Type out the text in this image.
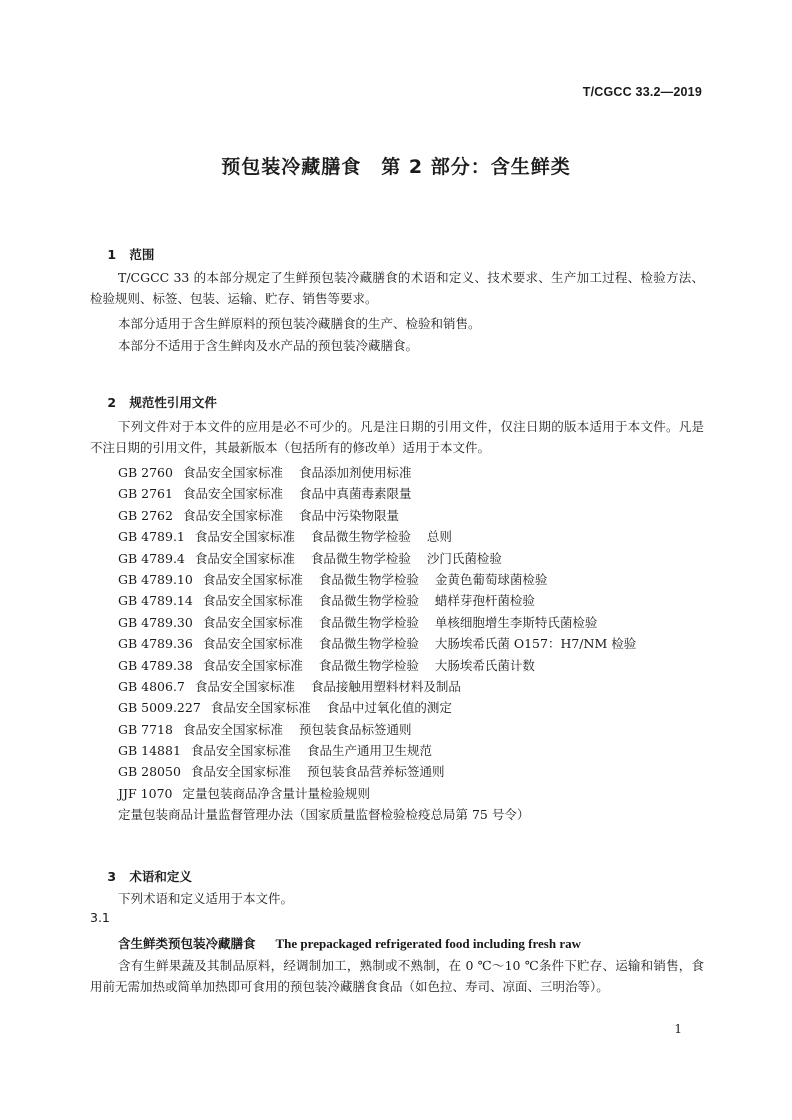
T/CGCC 33.2—2019
预包装冷藏膳食　第 2 部分：含生鲜类

1 范围

T/CGCC 33 的本部分规定了生鲜预包装冷藏膳食的术语和定义、技术要求、生产加工过程、检验方法、检验规则、标签、包装、运输、贮存、销售等要求。
本部分适用于含生鲜原料的预包装冷藏膳食的生产、检验和销售。
本部分不适用于含生鲜肉及水产品的预包装冷藏膳食。

2 规范性引用文件

下列文件对于本文件的应用是必不可少的。凡是注日期的引用文件，仅注日期的版本适用于本文件。凡是不注日期的引用文件，其最新版本（包括所有的修改单）适用于本文件。
GB 2760 食品安全国家标准 食品添加剂使用标准
GB 2761 食品安全国家标准 食品中真菌毒素限量
GB 2762 食品安全国家标准 食品中污染物限量
GB 4789.1 食品安全国家标准 食品微生物学检验 总则
GB 4789.4 食品安全国家标准 食品微生物学检验 沙门氏菌检验
GB 4789.10 食品安全国家标准 食品微生物学检验 金黄色葡萄球菌检验
GB 4789.14 食品安全国家标准 食品微生物学检验 蜡样芽孢杆菌检验
GB 4789.30 食品安全国家标准 食品微生物学检验 单核细胞增生李斯特氏菌检验
GB 4789.36 食品安全国家标准 食品微生物学检验 大肠埃希氏菌 O157：H7/NM 检验
GB 4789.38 食品安全国家标准 食品微生物学检验 大肠埃希氏菌计数
GB 4806.7 食品安全国家标准 食品接触用塑料材料及制品
GB 5009.227 食品安全国家标准 食品中过氧化值的测定
GB 7718 食品安全国家标准 预包装食品标签通则
GB 14881 食品安全国家标准 食品生产通用卫生规范
GB 28050 食品安全国家标准 预包装食品营养标签通则
JJF 1070 定量包装商品净含量计量检验规则
定量包装商品计量监督管理办法（国家质量监督检验检疫总局第 75 号令）

3 术语和定义

下列术语和定义适用于本文件。
3.1
含生鲜类预包装冷藏膳食 The prepackaged refrigerated food including fresh raw
含有生鲜果蔬及其制品原料，经调制加工，熟制或不熟制，在 0 ℃～10 ℃条件下贮存、运输和销售，食用前无需加热或简单加热即可食用的预包装冷藏膳食食品（如色拉、寿司、凉面、三明治等）。
1
